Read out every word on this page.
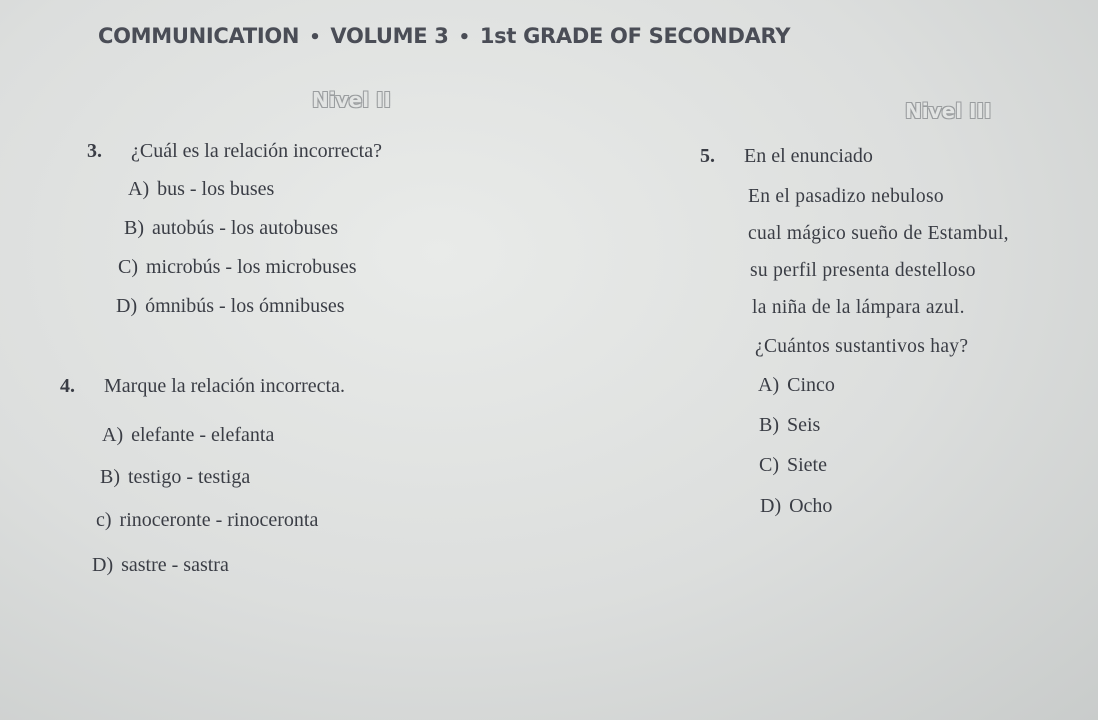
COMMUNICATION • VOLUME 3 • 1st GRADE OF SECONDARY
Nivel II	Nivel III
3. ¿Cuál es la relación incorrecta?
A) bus - los buses
B) autobús - los autobuses
C) microbús - los microbuses
D) ómnibús - los ómnibuses
4. Marque la relación incorrecta.
A) elefante - elefanta
B) testigo - testiga
c) rinoceronte - rinoceronta
D) sastre - sastra
5. En el enunciado
En el pasadizo nebuloso
cual mágico sueño de Estambul,
su perfil presenta destelloso
la niña de la lámpara azul.
¿Cuántos sustantivos hay?
A) Cinco
B) Seis
C) Siete
D) Ocho
